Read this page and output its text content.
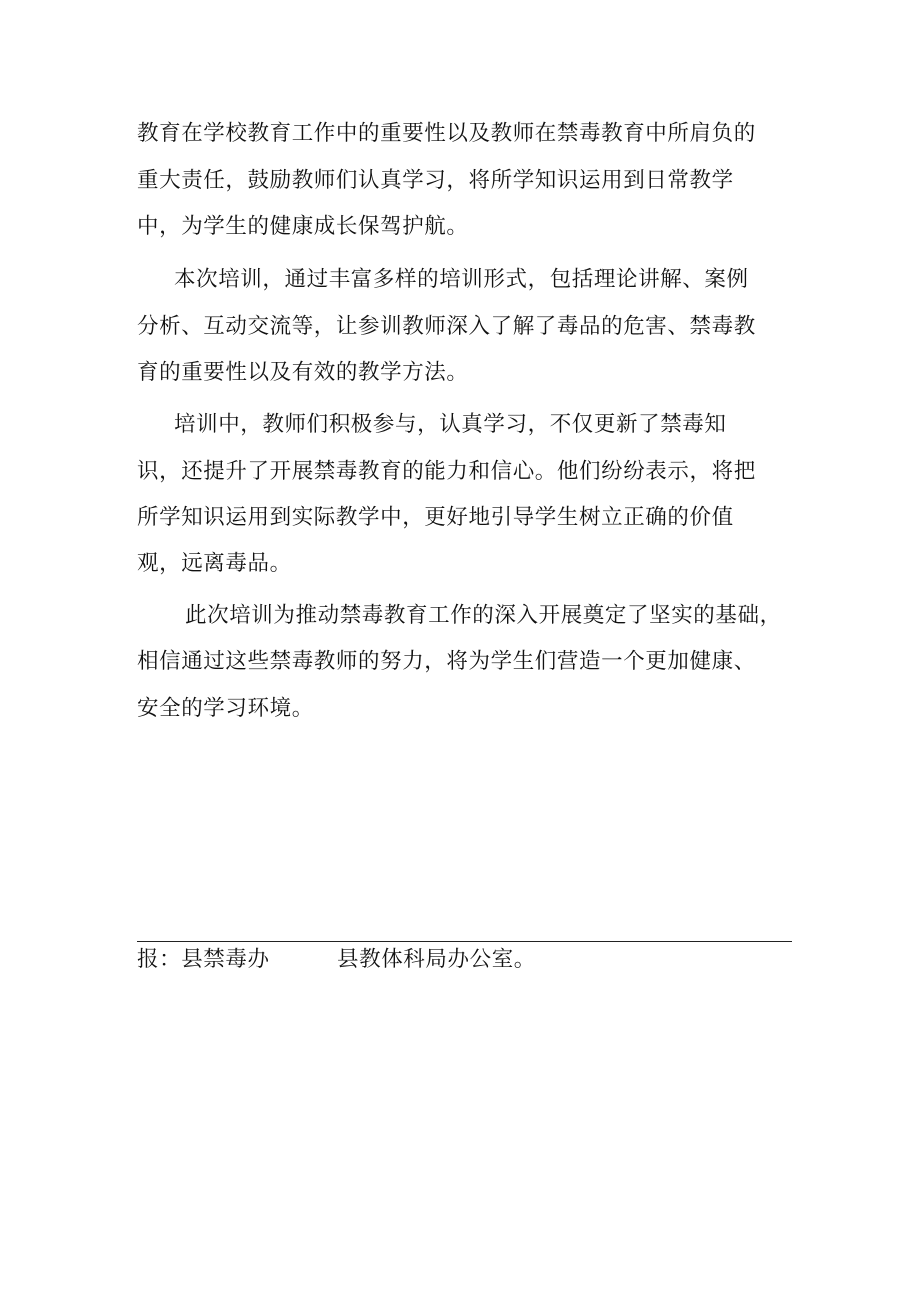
教育在学校教育工作中的重要性以及教师在禁毒教育中所肩负的
重大责任，鼓励教师们认真学习，将所学知识运用到日常教学
中，为学生的健康成长保驾护航。
本次培训，通过丰富多样的培训形式，包括理论讲解、案例
分析、互动交流等，让参训教师深入了解了毒品的危害、禁毒教
育的重要性以及有效的教学方法。
培训中，教师们积极参与，认真学习，不仅更新了禁毒知
识，还提升了开展禁毒教育的能力和信心。他们纷纷表示，将把
所学知识运用到实际教学中，更好地引导学生树立正确的价值
观，远离毒品。
此次培训为推动禁毒教育工作的深入开展奠定了坚实的基础，
相信通过这些禁毒教师的努力，将为学生们营造一个更加健康、
安全的学习环境。
报：县禁毒办	县教体科局办公室。
